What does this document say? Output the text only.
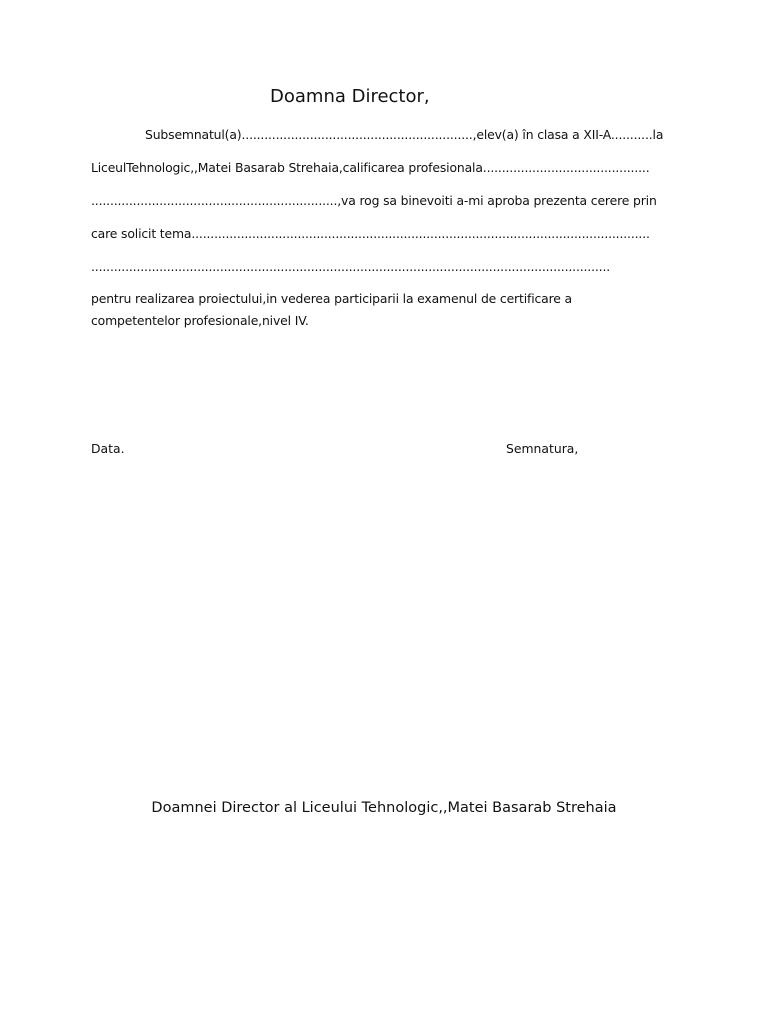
Doamna Director,
Subsemnatul(a).............................................................,elev(a) în clasa a XII-A...........la
LiceulTehnologic,,Matei Basarab Strehaia,calificarea profesionala............................................
.................................................................,va rog sa binevoiti a-mi aproba prezenta cerere prin
care solicit tema.........................................................................................................................
.........................................................................................................................................
pentru realizarea proiectului,in vederea participarii la examenul de certificare a
competentelor profesionale,nivel IV.
Data.	Semnatura,
Doamnei Director al Liceului Tehnologic,,Matei Basarab Strehaia
